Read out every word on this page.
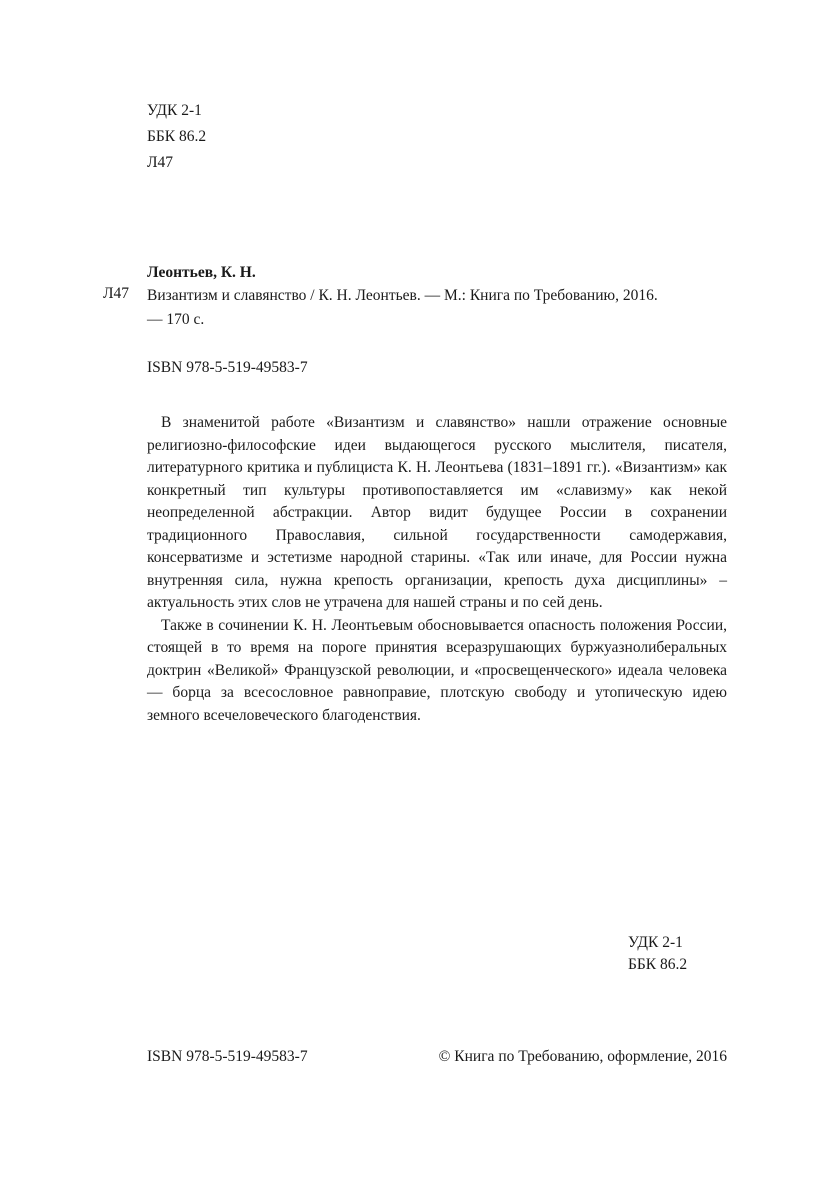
УДК 2-1
ББК 86.2
Л47
Леонтьев, К. Н.
Л47 Византизм и славянство / К. Н. Леонтьев. — М.: Книга по Требованию, 2016.
— 170 с.
ISBN 978-5-519-49583-7

В знаменитой работе «Византизм и славянство» нашли отражение основные религиозно-философские идеи выдающегося русского мыслителя, писателя, литературного критика и публициста К. Н. Леонтьева (1831–1891 гг.). «Византизм» как конкретный тип культуры противопоставляется им «славизму» как некой неопределенной абстракции. Автор видит будущее России в сохранении традиционного Православия, сильной государственности самодержавия, консерватизме и эстетизме народной старины. «Так или иначе, для России нужна внутренняя сила, нужна крепость организации, крепость духа дисциплины» – актуальность этих слов не утрачена для нашей страны и по сей день.

Также в сочинении К. Н. Леонтьевым обосновывается опасность положения России, стоящей в то время на пороге принятия всеразрушающих буржуазнолиберальных доктрин «Великой» Французской революции, и «просвещенческого» идеала человека — борца за всесословное равноправие, плотскую свободу и утопическую идею земного всечеловеческого благоденствия.

УДК 2-1
ББК 86.2
ISBN 978-5-519-49583-7	© Книга по Требованию, оформление, 2016
